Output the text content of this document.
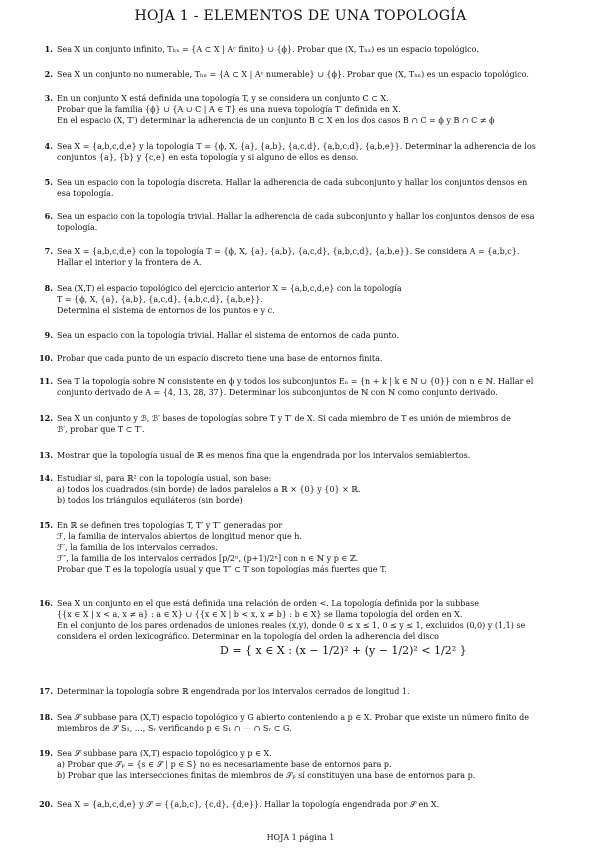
HOJA 1 - ELEMENTOS DE UNA TOPOLOGÍA
1. Sea X un conjunto infinito, Tₕₓ = {A ⊂ X | Aᶜ finito} ∪ {ϕ}. Probar que (X, Tₕₓ) es un espacio topológico.
2. Sea X un conjunto no numerable, Tₕₙ = {A ⊂ X | Aᶜ numerable} ∪ {ϕ}. Probar que (X, Tₕₙ) es un espacio topológico.
3. En un conjunto X está definida una topología T, y se considera un conjunto C ⊂ X.
Probar que la familia {ϕ} ∪ {A ∪ C | A ∈ T} es una nueva topología T′ definida en X.
En el espacio (X, T′) determinar la adherencia de un conjunto B ⊂ X en los dos casos B ∩ C = ϕ y B ∩ C ≠ ϕ
4. Sea X = {a,b,c,d,e} y la topología T = {ϕ, X, {a}, {a,b}, {a,c,d}, {a,b,c,d}, {a,b,e}}. Determinar la adherencia de los
conjuntos {a}, {b} y {c,e} en esta topología y si alguno de ellos es denso.
5. Sea un espacio con la topología discreta. Hallar la adherencia de cada subconjunto y hallar los conjuntos densos en
esa topología.
6. Sea un espacio con la topología trivial. Hallar la adherencia de cada subconjunto y hallar los conjuntos densos de esa
topología.
7. Sea X = {a,b,c,d,e} con la topología T = {ϕ, X, {a}, {a,b}, {a,c,d}, {a,b,c,d}, {a,b,e}}. Se considera A = {a,b,c}.
Hallar el interior y la frontera de A.
8. Sea (X,T) el espacio topológico del ejercicio anterior X = {a,b,c,d,e} con la topología
T = {ϕ, X, {a}, {a,b}, {a,c,d}, {a,b,c,d}, {a,b,e}}.
Determina el sistema de entornos de los puntos e y c.
9. Sea un espacio con la topología trivial. Hallar el sistema de entornos de cada punto.
10. Probar que cada punto de un espacio discreto tiene una base de entornos finita.
11. Sea T la topología sobre ℕ consistente en ϕ y todos los subconjuntos Eₙ = {n + k | k ∈ ℕ ∪ {0}} con n ∈ ℕ. Hallar el
conjunto derivado de A = {4, 13, 28, 37}. Determinar los subconjuntos de ℕ con ℕ como conjunto derivado.
12. Sea X un conjunto y ℬ, ℬ′ bases de topologías sobre T y T′ de X. Si cada miembro de T es unión de miembros de
ℬ′, probar que T ⊂ T′.
13. Mostrar que la topología usual de ℝ es menos fina que la engendrada por los intervalos semiabiertos.
14. Estudiar si, para ℝ² con la topología usual, son base:
a) todos los cuadrados (sin borde) de lados paralelos a ℝ × {0} y {0} × ℝ.
b) todos los triángulos equiláteros (sin borde)
15. En ℝ se definen tres topologías T, T′ y T″ generadas por
ℱ, la familia de intervalos abiertos de longitud menor que h.
ℱ′, la familia de los intervalos cerrados.
ℱ″, la familia de los intervalos cerrados [p/2ⁿ, (p+1)/2ⁿ] con n ∈ ℕ y p ∈ ℤ.
Probar que T es la topología usual y que T″ ⊂ T son topologías más fuertes que T.
16. Sea X un conjunto en el que está definida una relación de orden <. La topología definida por la subbase
{{x ∈ X | x < a, x ≠ a} : a ∈ X} ∪ {{x ∈ X | b < x, x ≠ b} : b ∈ X} se llama topología del orden en X.
En el conjunto de los pares ordenados de uniones reales (x,y), donde 0 ≤ x ≤ 1, 0 ≤ y ≤ 1, excluidos (0,0) y (1,1) se
considera el orden lexicográfico. Determinar en la topología del orden la adherencia del disco
17. Determinar la topología sobre ℝ engendrada por los intervalos cerrados de longitud 1.
18. Sea 𝒮 subbase para (X,T) espacio topológico y G abierto conteniendo a p ∈ X. Probar que existe un número finito de
miembros de 𝒮 S₁, …, Sᵣ verificando p ∈ S₁ ∩ ⋯ ∩ Sᵣ ⊂ G.
19. Sea 𝒮 subbase para (X,T) espacio topológico y p ∈ X.
a) Probar que 𝒮ₚ = {s ∈ 𝒮 | p ∈ S} no es necesariamente base de entornos para p.
b) Probar que las intersecciones finitas de miembros de 𝒮ₚ sí constituyen una base de entornos para p.
20. Sea X = {a,b,c,d,e} y 𝒮 = {{a,b,c}, {c,d}, {d,e}}. Hallar la topología engendrada por 𝒮 en X.
D = { x ∈ X : (x − 1/2)² + (y − 1/2)² < 1/2² }
HOJA 1 página 1
